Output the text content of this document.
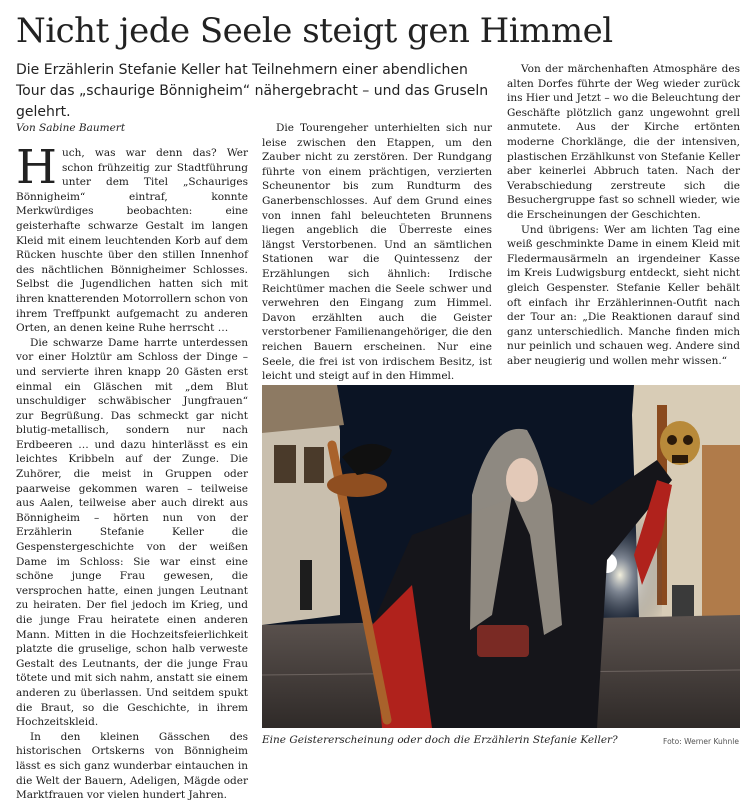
Nicht jede Seele steigt gen Himmel

Die Erzählerin Stefanie Keller hat Teilnehmern einer abendlichen Tour das „schaurige Bönnigheim“ nähergebracht – und das Gruseln gelehrt.

Von Sabine Baumert

Huch, was war denn das? Wer schon frühzeitig zur Stadtführung unter dem Titel „Schauriges Bönnigheim“ eintraf, konnte Merkwürdiges beobachten: eine geisterhafte schwarze Gestalt im langen Kleid mit einem leuchtenden Korb auf dem Rücken huschte über den stillen Innenhof des nächtlichen Bönnigheimer Schlosses. Selbst die Jugendlichen hatten sich mit ihren knatterenden Motorrollern schon von ihrem Treffpunkt aufgemacht zu anderen Orten, an denen keine Ruhe herrscht …

Die schwarze Dame harrte unterdessen vor einer Holztür am Schloss der Dinge – und servierte ihren knapp 20 Gästen erst einmal ein Gläschen mit „dem Blut unschuldiger schwäbischer Jungfrauen“ zur Begrüßung. Das schmeckt gar nicht blutig-metallisch, sondern nur nach Erdbeeren … und dazu hinterlässt es ein leichtes Kribbeln auf der Zunge. Die Zuhörer, die meist in Gruppen oder paarweise gekommen waren – teilweise aus Aalen, teilweise aber auch direkt aus Bönnigheim – hörten nun von der Erzählerin Stefanie Keller die Gespenstergeschichte von der weißen Dame im Schloss: Sie war einst eine schöne junge Frau gewesen, die versprochen hatte, einen jungen Leutnant zu heiraten. Der fiel jedoch im Krieg, und die junge Frau heiratete einen anderen Mann. Mitten in die Hochzeitsfeierlichkeit platzte die gruselige, schon halb verweste Gestalt des Leutnants, der die junge Frau tötete und mit sich nahm, anstatt sie einem anderen zu überlassen. Und seitdem spukt die Braut, so die Geschichte, in ihrem Hochzeitskleid.

In den kleinen Gässchen des historischen Ortskerns von Bönnigheim lässt es sich ganz wunderbar eintauchen in die Welt der Bauern, Adeligen, Mägde oder Marktfrauen vor vielen hundert Jahren.

Die Tourengeher unterhielten sich nur leise zwischen den Etappen, um den Zauber nicht zu zerstören. Der Rundgang führte von einem prächtigen, verzierten Scheunentor bis zum Rundturm des Ganerbenschlosses. Auf dem Grund eines von innen fahl beleuchteten Brunnens liegen angeblich die Überreste eines längst Verstorbenen. Und an sämtlichen Stationen war die Quintessenz der Erzählungen sich ähnlich: Irdische Reichtümer machen die Seele schwer und verwehren den Eingang zum Himmel. Davon erzählten auch die Geister verstorbener Familienangehöriger, die den reichen Bauern erscheinen. Nur eine Seele, die frei ist von irdischem Besitz, ist leicht und steigt auf in den Himmel.

Von der märchenhaften Atmosphäre des alten Dorfes führte der Weg wieder zurück ins Hier und Jetzt – wo die Beleuchtung der Geschäfte plötzlich ganz ungewohnt grell anmutete. Aus der Kirche ertönten moderne Chorklänge, die der intensiven, plastischen Erzählkunst von Stefanie Keller aber keinerlei Abbruch taten. Nach der Verabschiedung zerstreute sich die Besuchergruppe fast so schnell wieder, wie die Erscheinungen der Geschichten.

Und übrigens: Wer am lichten Tag eine weiß geschminkte Dame in einem Kleid mit Fledermausärmeln an irgendeiner Kasse im Kreis Ludwigsburg entdeckt, sieht nicht gleich Gespenster. Stefanie Keller behält oft einfach ihr Erzählerinnen-Outfit nach der Tour an: „Die Reaktionen darauf sind ganz unterschiedlich. Manche finden mich nur peinlich und schauen weg. Andere sind aber neugierig und wollen mehr wissen.“

Eine Geistererscheinung oder doch die Erzählerin Stefanie Keller?	Foto: Werner Kuhnle
